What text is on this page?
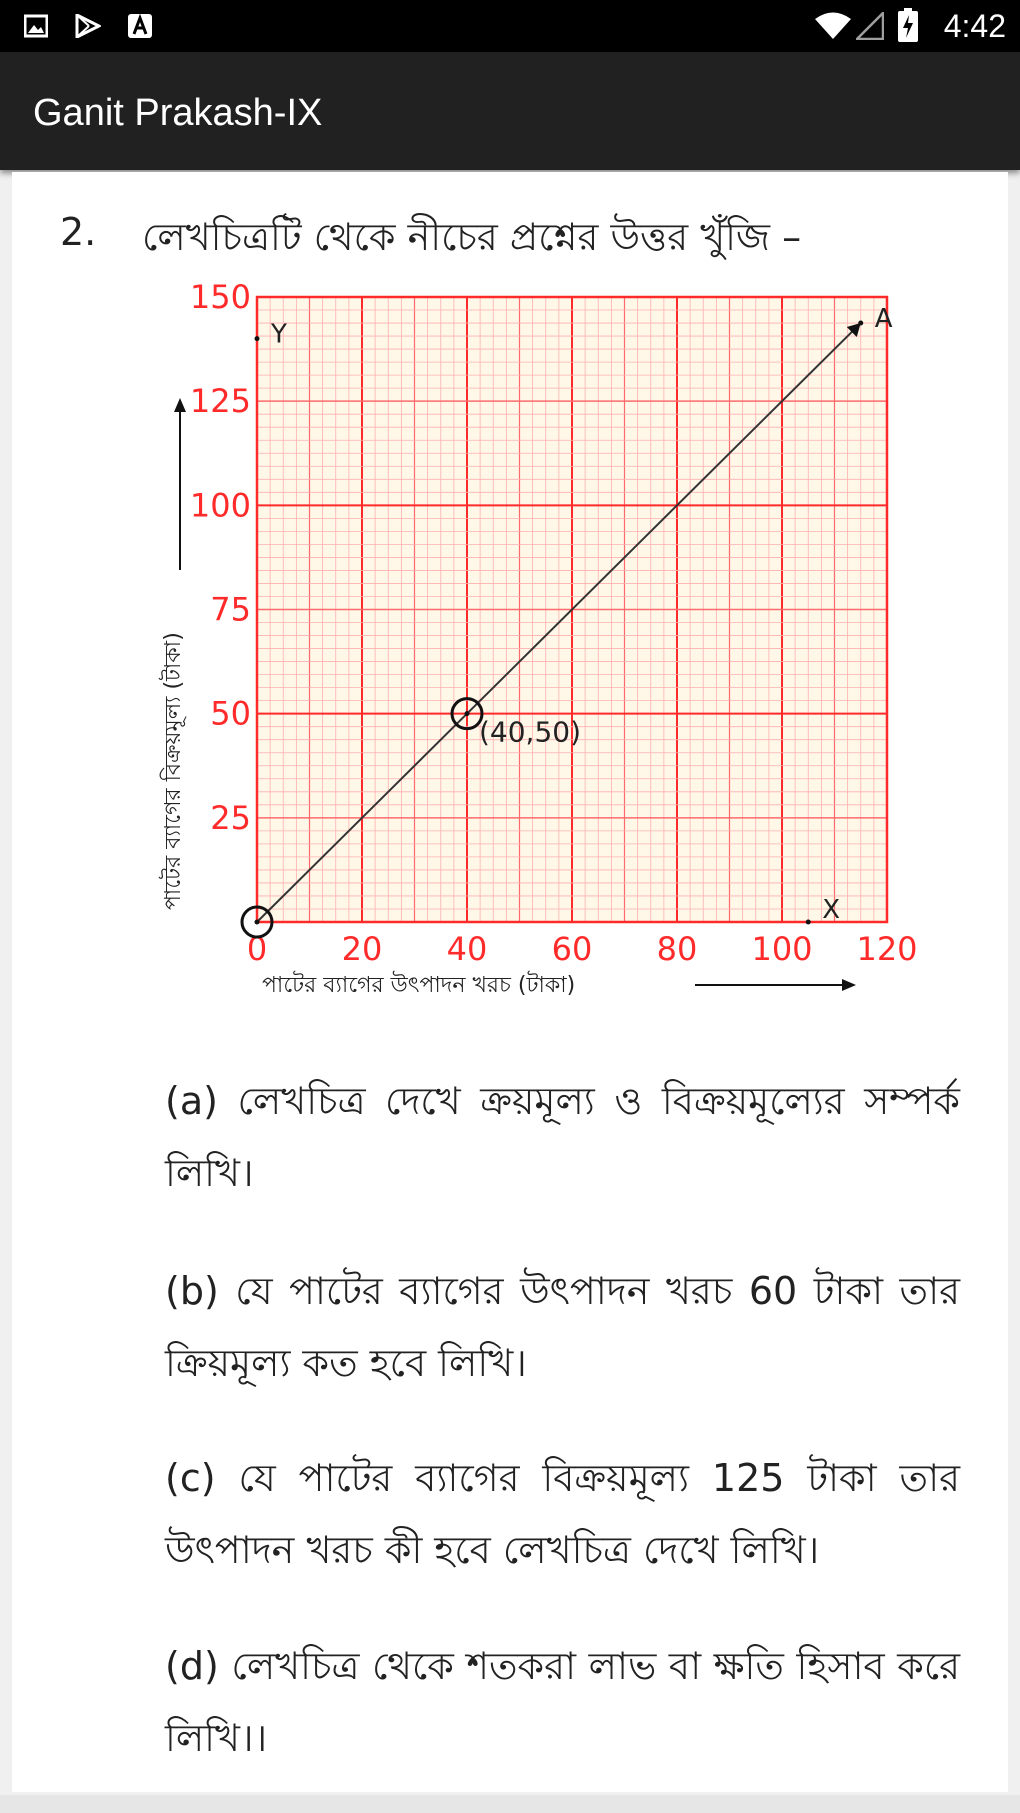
4:42
Ganit Prakash-IX
2. লেখচিত্রটি থেকে নীচের প্রশ্নের উত্তর খুঁজি –
0 20 40 60 80 100 120
25
50
75
100
125
150
পাটের ব্যাগের উৎপাদন খরচ (টাকা)
পাটের ব্যাগের বিক্রয়মূল্য (টাকা)	(40,50)
Y
A
X
(a) লেখচিত্র দেখে ক্রয়মূল্য ও বিক্রয়মূল্যের সম্পর্ক লিখি।
(b) যে পাটের ব্যাগের উৎপাদন খরচ 60 টাকা তার ক্রিয়মূল্য কত হবে লিখি।
(c) যে পাটের ব্যাগের বিক্রয়মূল্য 125 টাকা তার উৎপাদন খরচ কী হবে লেখচিত্র দেখে লিখি।
(d) লেখচিত্র থেকে শতকরা লাভ বা ক্ষতি হিসাব করে লিখি।।
